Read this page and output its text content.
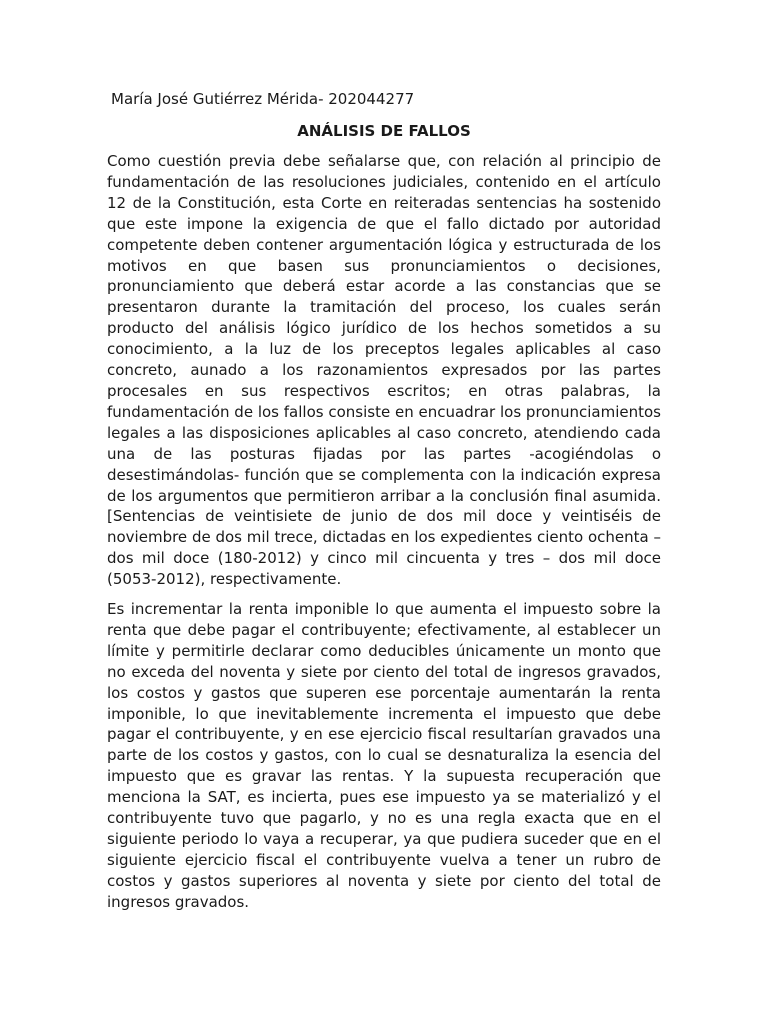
María José Gutiérrez Mérida- 202044277
ANÁLISIS DE FALLOS

Como cuestión previa debe señalarse que, con relación al principio de fundamentación de las resoluciones judiciales, contenido en el artículo 12 de la Constitución, esta Corte en reiteradas sentencias ha sostenido que este impone la exigencia de que el fallo dictado por autoridad competente deben contener argumentación lógica y estructurada de los motivos en que basen sus pronunciamientos o decisiones, pronunciamiento que deberá estar acorde a las constancias que se presentaron durante la tramitación del proceso, los cuales serán producto del análisis lógico jurídico de los hechos sometidos a su conocimiento, a la luz de los preceptos legales aplicables al caso concreto, aunado a los razonamientos expresados por las partes procesales en sus respectivos escritos; en otras palabras, la fundamentación de los fallos consiste en encuadrar los pronunciamientos legales a las disposiciones aplicables al caso concreto, atendiendo cada una de las posturas fijadas por las partes -acogiéndolas o desestimándolas- función que se complementa con la indicación expresa de los argumentos que permitieron arribar a la conclusión final asumida. [Sentencias de veintisiete de junio de dos mil doce y veintiséis de noviembre de dos mil trece, dictadas en los expedientes ciento ochenta – dos mil doce (180-2012) y cinco mil cincuenta y tres – dos mil doce (5053-2012), respectivamente.

Es incrementar la renta imponible lo que aumenta el impuesto sobre la renta que debe pagar el contribuyente; efectivamente, al establecer un límite y permitirle declarar como deducibles únicamente un monto que no exceda del noventa y siete por ciento del total de ingresos gravados, los costos y gastos que superen ese porcentaje aumentarán la renta imponible, lo que inevitablemente incrementa el impuesto que debe pagar el contribuyente, y en ese ejercicio fiscal resultarían gravados una parte de los costos y gastos, con lo cual se desnaturaliza la esencia del impuesto que es gravar las rentas. Y la supuesta recuperación que menciona la SAT, es incierta, pues ese impuesto ya se materializó y el contribuyente tuvo que pagarlo, y no es una regla exacta que en el siguiente periodo lo vaya a recuperar, ya que pudiera suceder que en el siguiente ejercicio fiscal el contribuyente vuelva a tener un rubro de costos y gastos superiores al noventa y siete por ciento del total de ingresos gravados.
